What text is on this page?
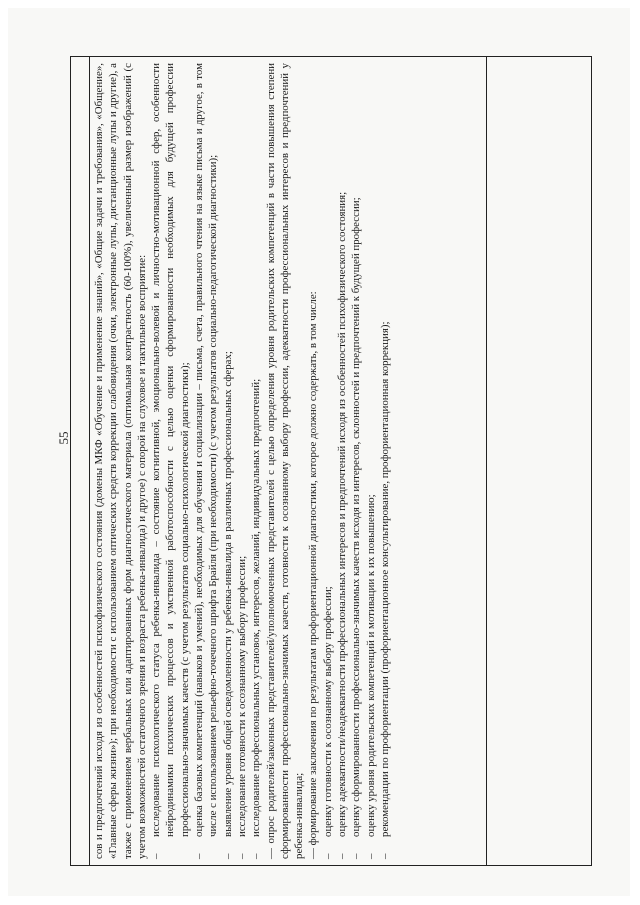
55 сов и предпочтений исходя из особенностей психофизического состояния (домены МКФ «Обучение и применение знаний», «Общие задачи и требования», «Общение», «Главные сферы жизни»); при необходимости с использованием оптических средств коррекции слабовидения (очки, электронные лупы, дистанционные лупы и другие), а также с применением вербальных или адаптированных форм диагностического материала (оптимальная контрастность (60-100%), увеличенный размер изображений (с учетом возможностей остаточного зрения и возраста ребенка-инвалида) и другое) с опорой на слуховое и тактильное восприятие: –
исследование психологического статуса ребенка-инвалида – состояние когнитивной, эмоционально-волевой и личностно-мотивационной сфер, особенности нейродинамики психических процессов и умственной работоспособности с целью оценки сформированности необходимых для будущей профессии профессионально-значимых качеств (с учетом результатов социально-психологической диагностики);
–
оценка базовых компетенций (навыков и умений), необходимых для обучения и социализации – письма, счета, правильного чтения на языке письма и другое, в том числе с использованием рельефно-точечного шрифта Брайля (при необходимости) (с учетом результатов социально-педагогической диагностики);
–
выявление уровня общей осведомленности у ребенка-инвалида в различных профессиональных сферах;
–
исследование готовности к осознанному выбору профессии;
–
исследование профессиональных установок, интересов, желаний, индивидуальных предпочтений;

— опрос родителей/законных представителей/уполномоченных представителей с целью определения уровня родительских компетенций в части повышения степени сформированности профессионально-значимых качеств, готовности к осознанному выбору профессии, адекватности профессиональных интересов и предпочтений у ребенка-инвалида; — формирование заключения по результатам профориентационной диагностики, которое должно содержать, в том числе:

–
оценку готовности к осознанному выбору профессии;
–
оценку адекватности/неадекватности профессиональных интересов и предпочтений исходя из особенностей психофизического состояния;
–
оценку сформированности профессионально-значимых качеств исходя из интересов, склонностей и предпочтений к будущей профессии;
–
оценку уровня родительских компетенций и мотивации к их повышению;
–
рекомендации по профориентации (профориентационное консультирование, профориентационная коррекция);
